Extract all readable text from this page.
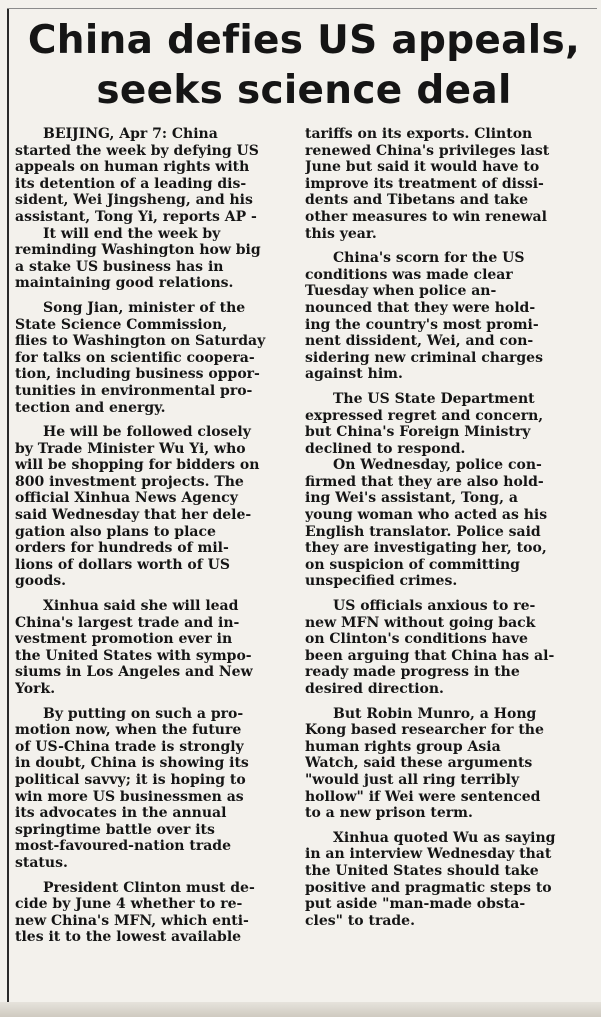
China defies US appeals,
seeks science deal

BEIJING, Apr 7: China
started the week by defying US
appeals on human rights with
its detention of a leading dis-
sident, Wei Jingsheng, and his
assistant, Tong Yi, reports AP -

It will end the week by
reminding Washington how big
a stake US business has in
maintaining good relations.

Song Jian, minister of the
State Science Commission,
flies to Washington on Saturday
for talks on scientific coopera-
tion, including business oppor-
tunities in environmental pro-
tection and energy.

He will be followed closely
by Trade Minister Wu Yi, who
will be shopping for bidders on
800 investment projects. The
official Xinhua News Agency
said Wednesday that her dele-
gation also plans to place
orders for hundreds of mil-
lions of dollars worth of US
goods.

Xinhua said she will lead
China's largest trade and in-
vestment promotion ever in
the United States with sympo-
siums in Los Angeles and New
York.

By putting on such a pro-
motion now, when the future
of US-China trade is strongly
in doubt, China is showing its
political savvy; it is hoping to
win more US businessmen as
its advocates in the annual
springtime battle over its
most-favoured-nation trade
status.

President Clinton must de-
cide by June 4 whether to re-
new China's MFN, which enti-
tles it to the lowest available

tariffs on its exports. Clinton
renewed China's privileges last
June but said it would have to
improve its treatment of dissi-
dents and Tibetans and take
other measures to win renewal
this year.

China's scorn for the US
conditions was made clear
Tuesday when police an-
nounced that they were hold-
ing the country's most promi-
nent dissident, Wei, and con-
sidering new criminal charges
against him.

The US State Department
expressed regret and concern,
but China's Foreign Ministry
declined to respond.

On Wednesday, police con-
firmed that they are also hold-
ing Wei's assistant, Tong, a
young woman who acted as his
English translator. Police said
they are investigating her, too,
on suspicion of committing
unspecified crimes.

US officials anxious to re-
new MFN without going back
on Clinton's conditions have
been arguing that China has al-
ready made progress in the
desired direction.

But Robin Munro, a Hong
Kong based researcher for the
human rights group Asia
Watch, said these arguments
"would just all ring terribly
hollow" if Wei were sentenced
to a new prison term.

Xinhua quoted Wu as saying
in an interview Wednesday that
the United States should take
positive and pragmatic steps to
put aside "man-made obsta-
cles" to trade.
